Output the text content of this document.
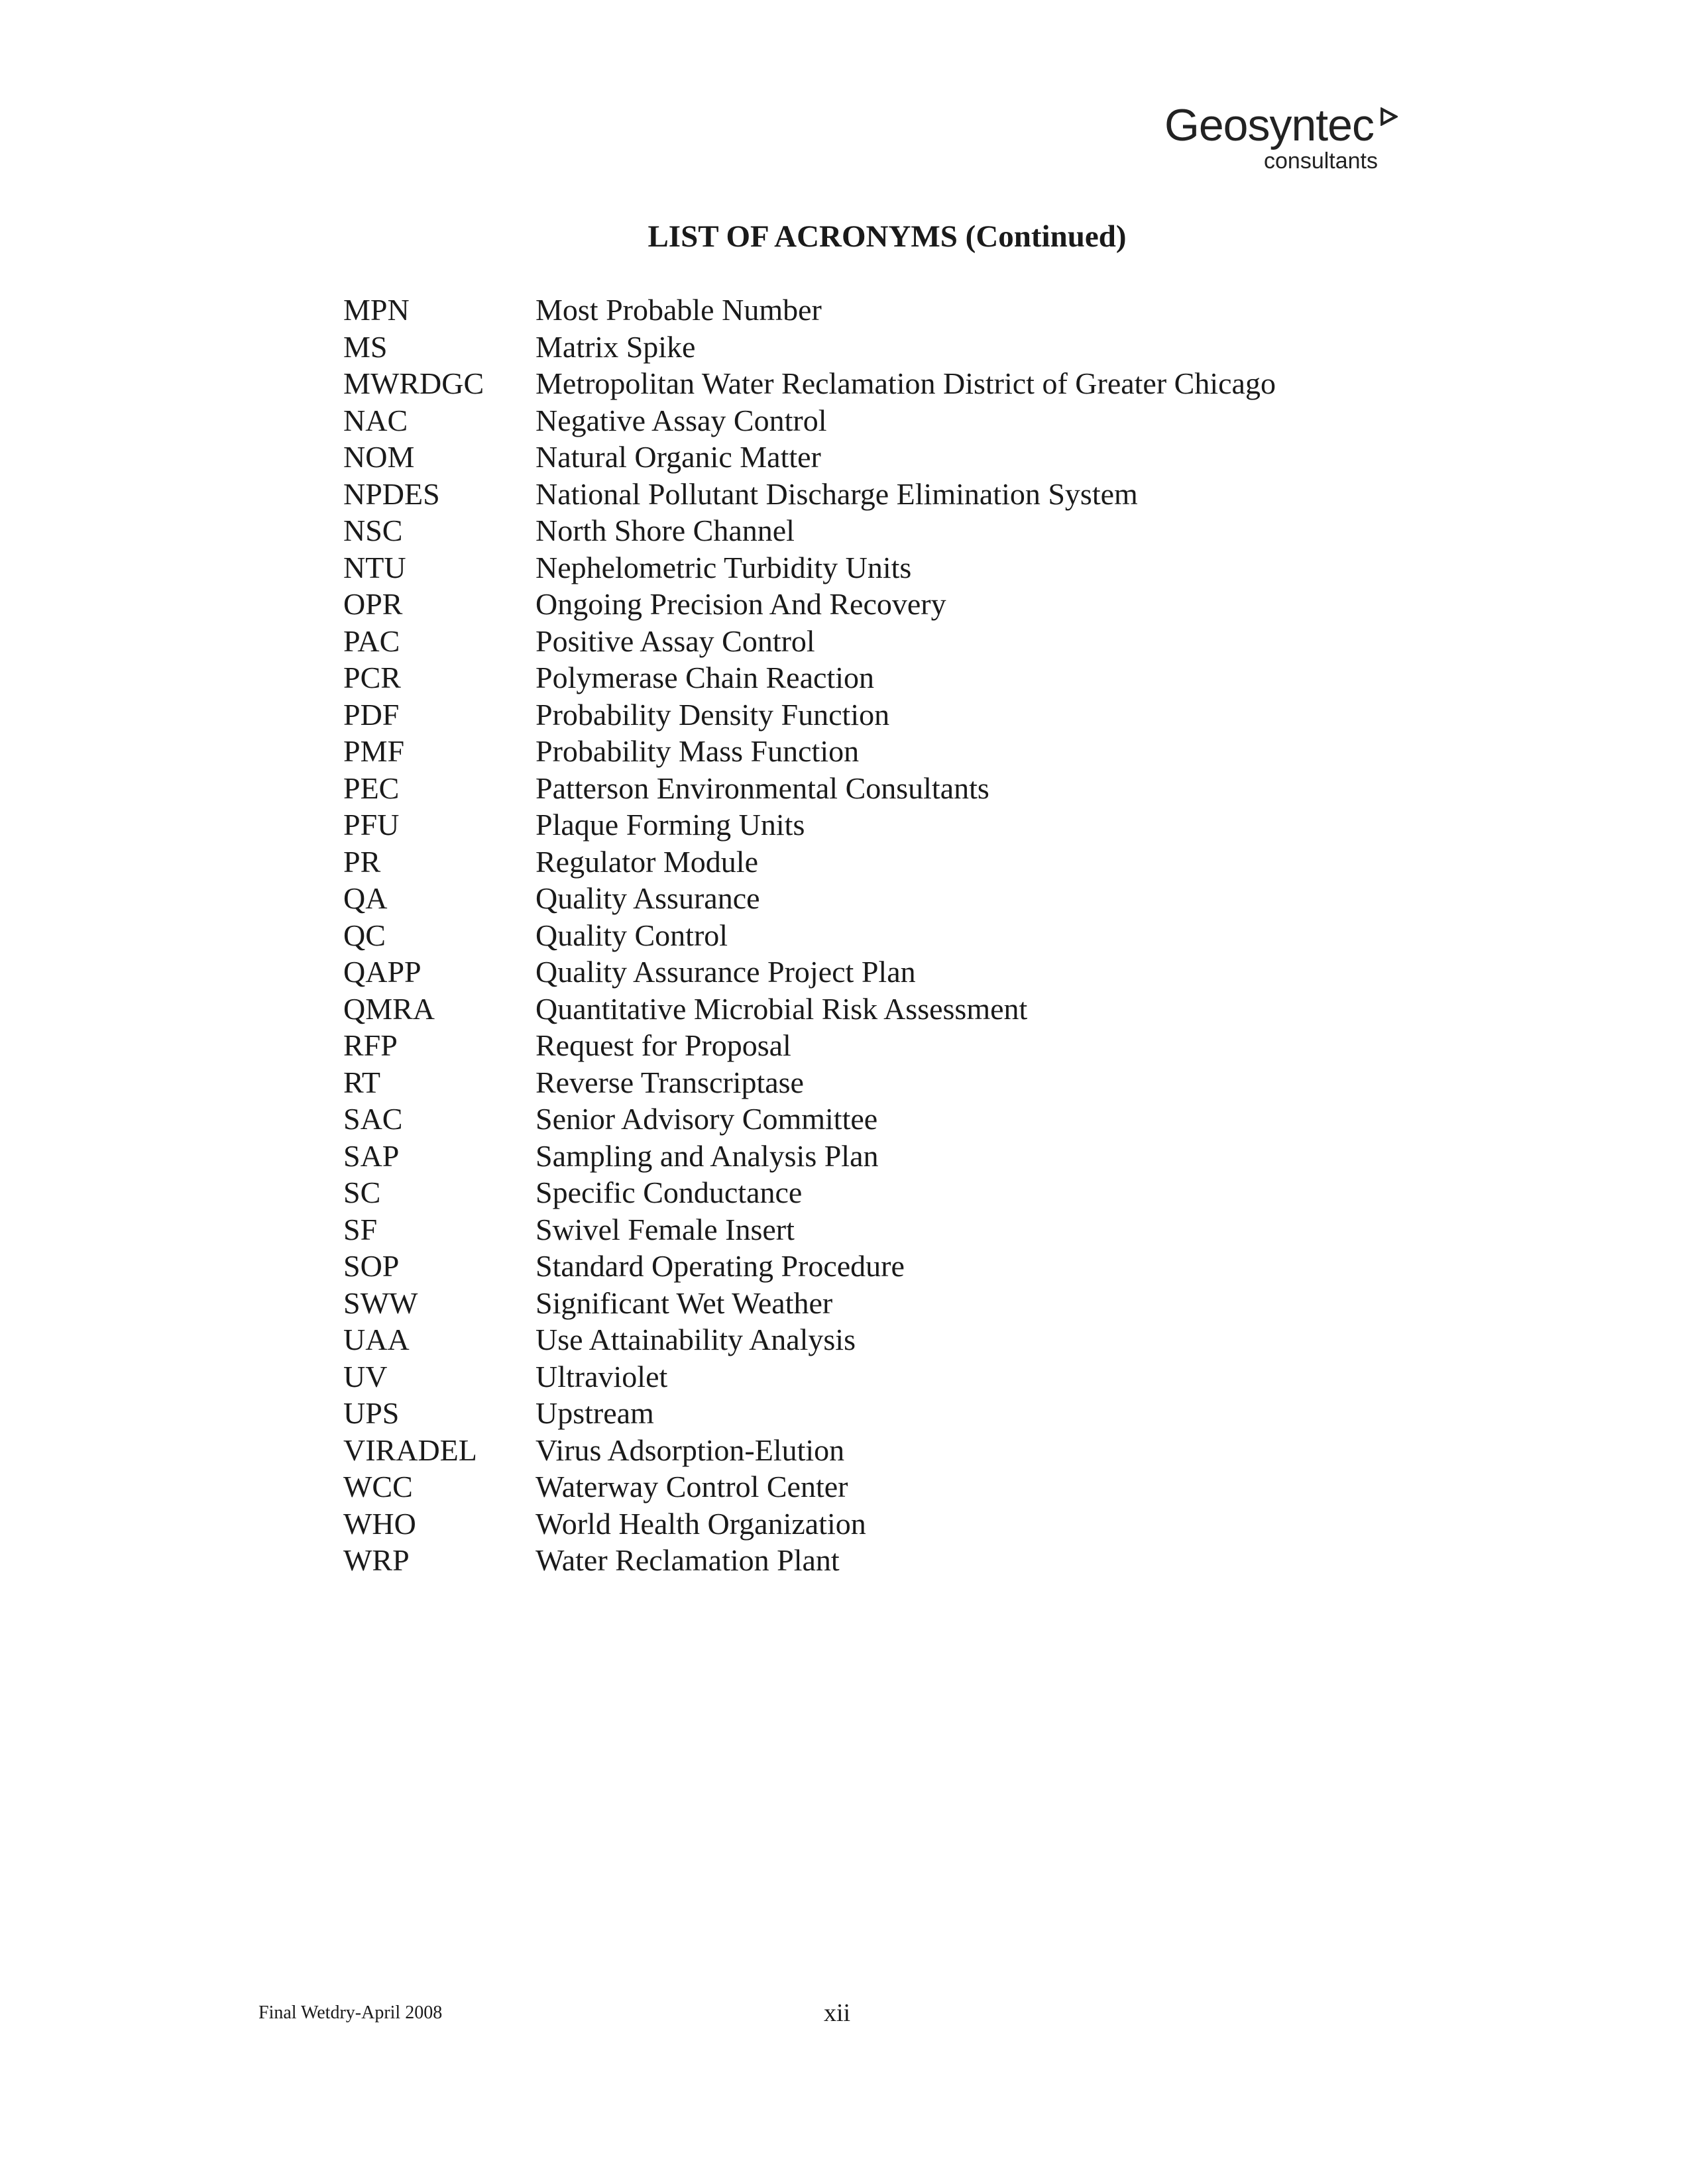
Geosyntec
consultants
LIST OF ACRONYMS (Continued)
MPN	Most Probable Number
MS	Matrix Spike
MWRDGC	Metropolitan Water Reclamation District of Greater Chicago
NAC	Negative Assay Control
NOM	Natural Organic Matter
NPDES	National Pollutant Discharge Elimination System
NSC	North Shore Channel
NTU	Nephelometric Turbidity Units
OPR	Ongoing Precision And Recovery
PAC	Positive Assay Control
PCR	Polymerase Chain Reaction
PDF	Probability Density Function
PMF	Probability Mass Function
PEC	Patterson Environmental Consultants
PFU	Plaque Forming Units
PR	Regulator Module
QA	Quality Assurance
QC	Quality Control
QAPP	Quality Assurance Project Plan
QMRA	Quantitative Microbial Risk Assessment
RFP	Request for Proposal
RT	Reverse Transcriptase
SAC	Senior Advisory Committee
SAP	Sampling and Analysis Plan
SC	Specific Conductance
SF	Swivel Female Insert
SOP	Standard Operating Procedure
SWW	Significant Wet Weather
UAA	Use Attainability Analysis
UV	Ultraviolet
UPS	Upstream
VIRADEL	Virus Adsorption-Elution
WCC	Waterway Control Center
WHO	World Health Organization
WRP	Water Reclamation Plant
Final Wetdry-April 2008	xii
